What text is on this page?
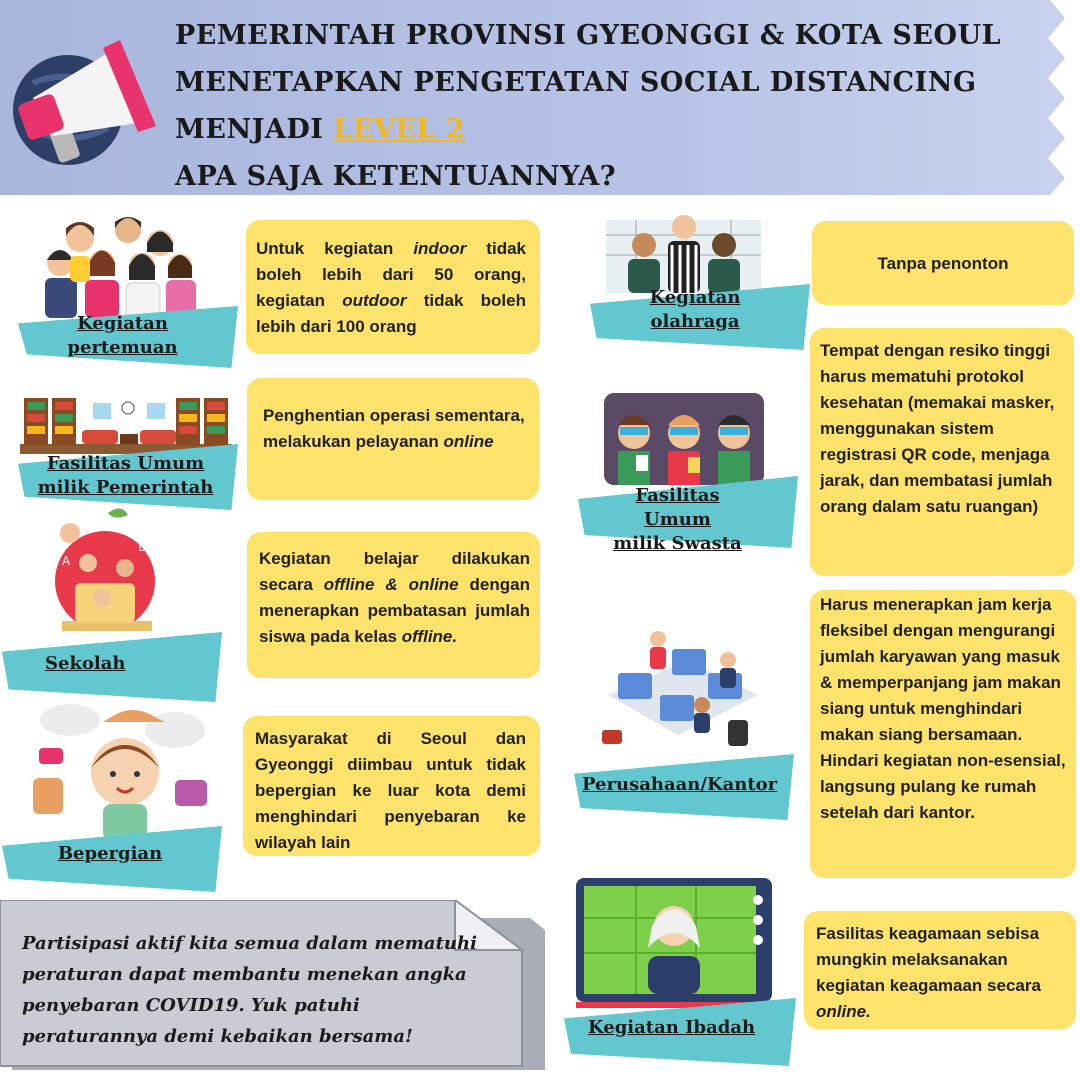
PEMERINTAH PROVINSI GYEONGGI & KOTA SEOUL
MENETAPKAN PENGETATAN SOCIAL DISTANCING
MENJADI LEVEL 2
APA SAJA KETENTUANNYA?
Kegiatan
pertemuan
Untuk kegiatan indoor tidak boleh lebih dari 50 orang, kegiatan outdoor tidak boleh lebih dari 100 orang
Fasilitas Umum
milik Pemerintah
Penghentian operasi sementara, melakukan pelayanan online
A
B
Sekolah
Kegiatan belajar dilakukan secara offline & online dengan menerapkan pembatasan jumlah siswa pada kelas offline.
Bepergian
Masyarakat di Seoul dan Gyeonggi diimbau untuk tidak bepergian ke luar kota demi menghindari penyebaran ke wilayah lain
Kegiatan
olahraga
Tanpa penonton
Fasilitas Umum
milik Swasta
Tempat dengan resiko tinggi harus mematuhi protokol kesehatan (memakai masker, menggunakan sistem registrasi QR code, menjaga jarak, dan membatasi jumlah orang dalam satu ruangan)
Perusahaan/Kantor
Harus menerapkan jam kerja fleksibel dengan mengurangi jumlah karyawan yang masuk & memperpanjang jam makan siang untuk menghindari makan siang bersamaan. Hindari kegiatan non-esensial, langsung pulang ke rumah setelah dari kantor.
Kegiatan Ibadah
Fasilitas keagamaan sebisa mungkin melaksanakan kegiatan keagamaan secara online.
Partisipasi aktif kita semua dalam mematuhi peraturan dapat membantu menekan angka penyebaran COVID19. Yuk patuhi peraturannya demi kebaikan bersama!
